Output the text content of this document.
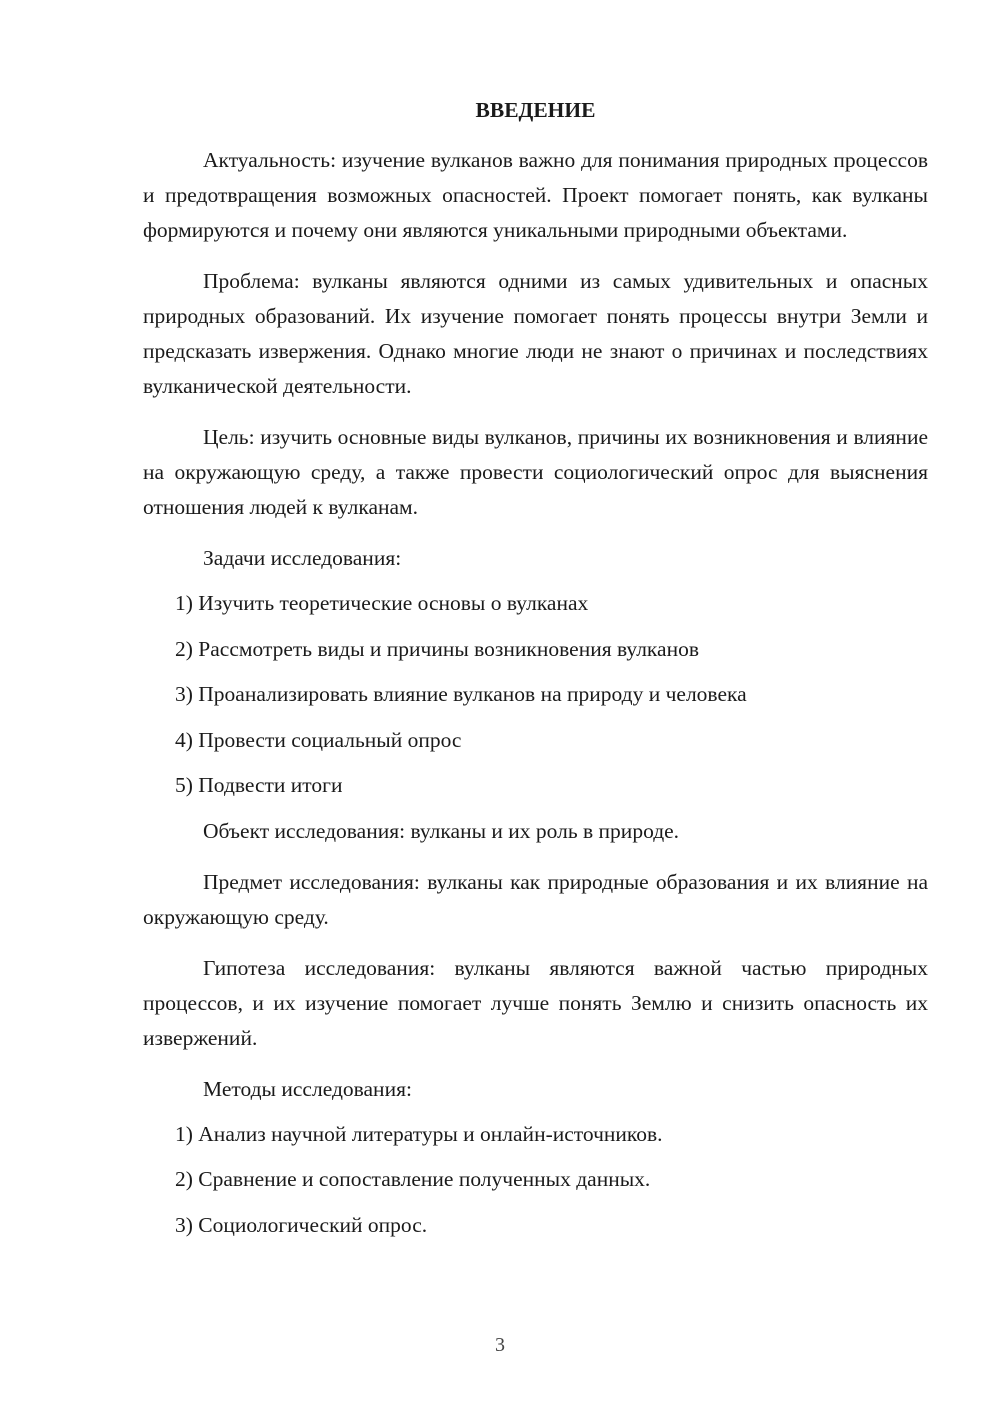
ВВЕДЕНИЕ

Актуальность: изучение вулканов важно для понимания природных процессов и предотвращения возможных опасностей. Проект помогает понять, как вулканы формируются и почему они являются уникальными природными объектами.

Проблема: вулканы являются одними из самых удивительных и опасных природных образований. Их изучение помогает понять процессы внутри Земли и предсказать извержения. Однако многие люди не знают о причинах и последствиях вулканической деятельности.

Цель: изучить основные виды вулканов, причины их возникновения и влияние на окружающую среду, а также провести социологический опрос для выяснения отношения людей к вулканам.

Задачи исследования:

1) Изучить теоретические основы о вулканах
2) Рассмотреть виды и причины возникновения вулканов
3) Проанализировать влияние вулканов на природу и человека
4) Провести социальный опрос
5) Подвести итоги

Объект исследования: вулканы и их роль в природе.

Предмет исследования: вулканы как природные образования и их влияние на окружающую среду.

Гипотеза исследования: вулканы являются важной частью природных процессов, и их изучение помогает лучше понять Землю и снизить опасность их извержений.

Методы исследования:

1) Анализ научной литературы и онлайн-источников.
2) Сравнение и сопоставление полученных данных.
3) Социологический опрос.
3
